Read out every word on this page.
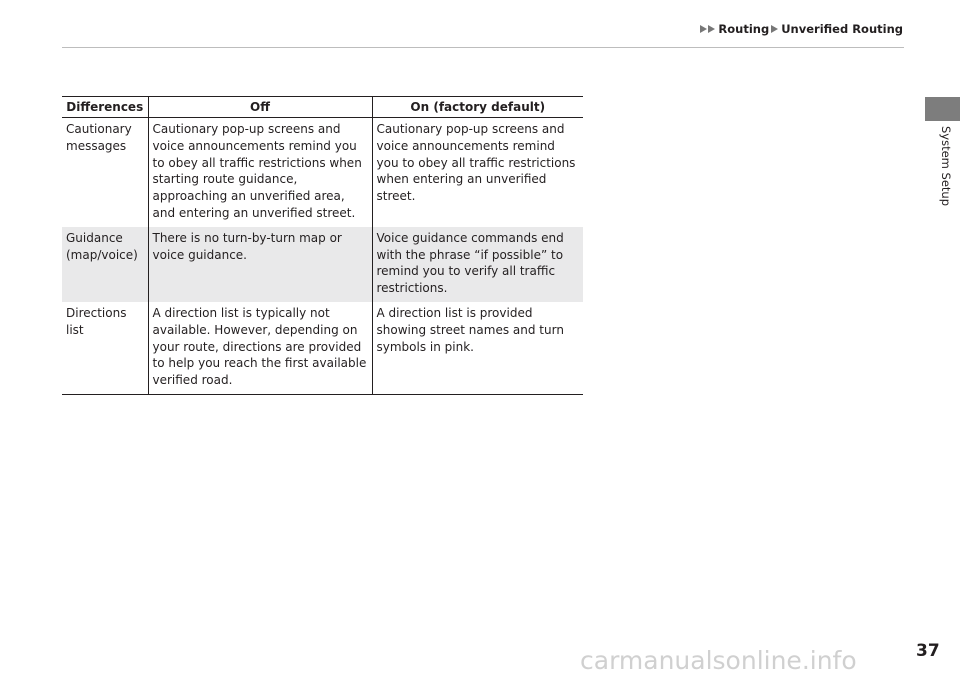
Routing Unverified Routing
System Setup
Differences	Off	On (factory default)
Cautionary messages	Cautionary pop-up screens and voice announcements remind you to obey all traffic restrictions when starting route guidance, approaching an unverified area, and entering an unverified street.	Cautionary pop-up screens and voice announcements remind you to obey all traffic restrictions when entering an unverified street.
Guidance (map/voice)	There is no turn-by-turn map or voice guidance.	Voice guidance commands end with the phrase “if possible” to remind you to verify all traffic restrictions.
Directions list	A direction list is typically not available. However, depending on your route, directions are provided to help you reach the first available verified road.	A direction list is provided showing street names and turn symbols in pink.
carmanualsonline.info	37
